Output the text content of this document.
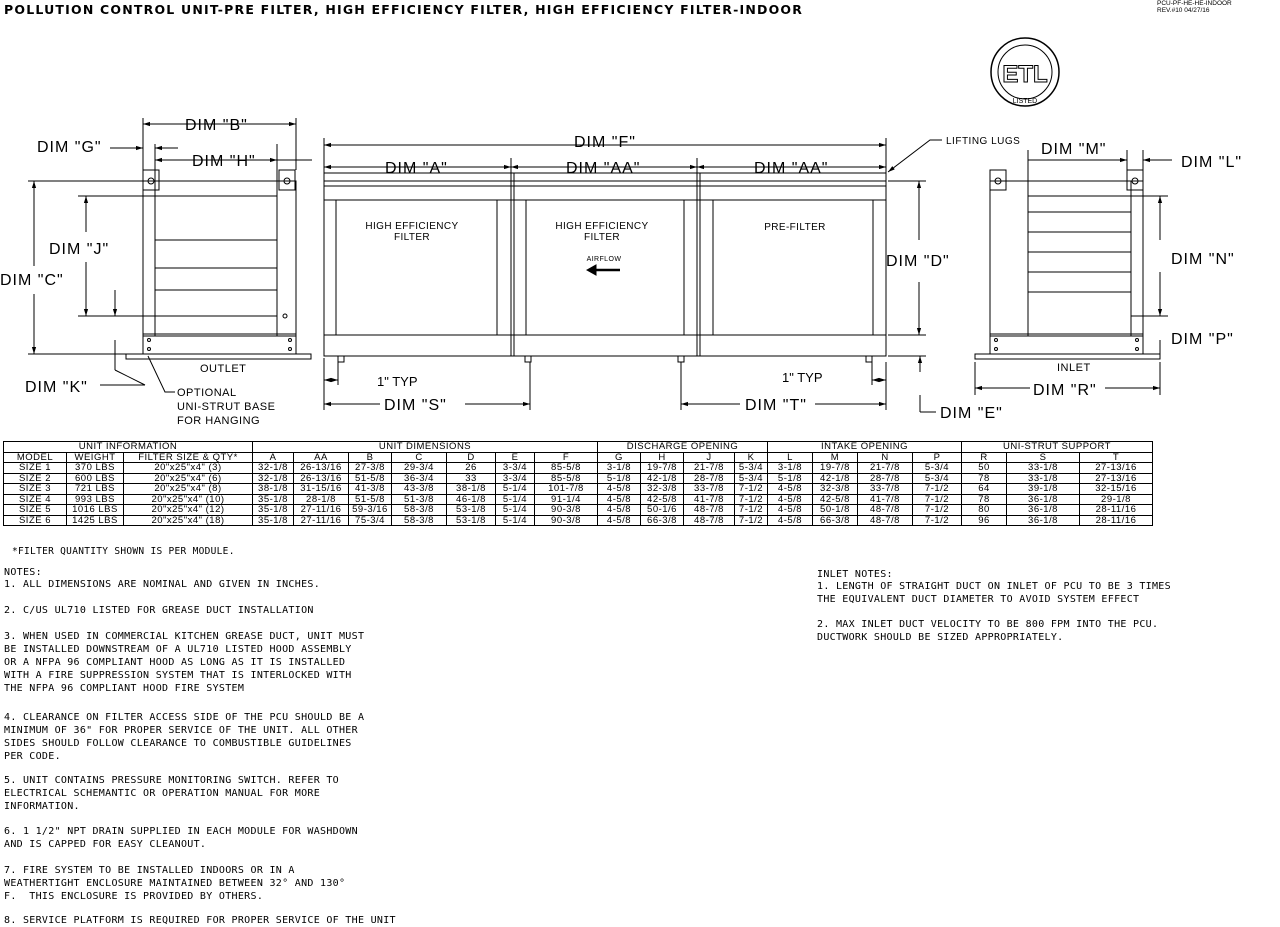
POLLUTION CONTROL UNIT-PRE FILTER, HIGH EFFICIENCY FILTER, HIGH EFFICIENCY FILTER-INDOOR	PCU-PF-HE-HE-INDOOR
REV.#10 04/27/16
DIM "B"
DIM "G"
DIM "H"
DIM "J"
DIM "C"
DIM "K"
DIM "F"
DIM "A"	DIM "AA"	DIM "AA"
DIM "D"
DIM "S"	DIM "T"	DIM "E"
DIM "M"
DIM "L"
DIM "N"
DIM "P"
DIM "R"
1" TYP	1" TYP
OUTLET	INLET
OPTIONAL
UNI-STRUT BASE
FOR HANGING
LIFTING LUGS
HIGH EFFICIENCY
FILTER
HIGH EFFICIENCY
FILTER
AIRFLOW
PRE-FILTER
ETL
LISTED
UNIT INFORMATION			UNIT DIMENSIONS							DISCHARGE OPENING				INTAKE OPENING				UNI-STRUT SUPPORT		
MODEL	WEIGHT	FILTER SIZE & QTY*	A	AA	B	C	D	E	F	G	H	J	K	L	M	N	P	R	S	T
SIZE 1	370 LBS	20"x25"x4" (3)	32-1/8	26-13/16	27-3/8	29-3/4	26	3-3/4	85-5/8	3-1/8	19-7/8	21-7/8	5-3/4	3-1/8	19-7/8	21-7/8	5-3/4	50	33-1/8	27-13/16
SIZE 2	600 LBS	20"x25"x4" (6)	32-1/8	26-13/16	51-5/8	36-3/4	33	3-3/4	85-5/8	5-1/8	42-1/8	28-7/8	5-3/4	5-1/8	42-1/8	28-7/8	5-3/4	78	33-1/8	27-13/16
SIZE 3	721 LBS	20"x25"x4" (8)	38-1/8	31-15/16	41-3/8	43-3/8	38-1/8	5-1/4	101-7/8	4-5/8	32-3/8	33-7/8	7-1/2	4-5/8	32-3/8	33-7/8	7-1/2	64	39-1/8	32-15/16
SIZE 4	993 LBS	20"x25"x4" (10)	35-1/8	28-1/8	51-5/8	51-3/8	46-1/8	5-1/4	91-1/4	4-5/8	42-5/8	41-7/8	7-1/2	4-5/8	42-5/8	41-7/8	7-1/2	78	36-1/8	29-1/8
SIZE 5	1016 LBS	20"x25"x4" (12)	35-1/8	27-11/16	59-3/16	58-3/8	53-1/8	5-1/4	90-3/8	4-5/8	50-1/6	48-7/8	7-1/2	4-5/8	50-1/8	48-7/8	7-1/2	80	36-1/8	28-11/16
SIZE 6	1425 LBS	20"x25"x4" (18)	35-1/8	27-11/16	75-3/4	58-3/8	53-1/8	5-1/4	90-3/8	4-5/8	66-3/8	48-7/8	7-1/2	4-5/8	66-3/8	48-7/8	7-1/2	96	36-1/8	28-11/16
*FILTER QUANTITY SHOWN IS PER MODULE.
NOTES:
1. ALL DIMENSIONS ARE NOMINAL AND GIVEN IN INCHES.
2. C/US UL710 LISTED FOR GREASE DUCT INSTALLATION
3. WHEN USED IN COMMERCIAL KITCHEN GREASE DUCT, UNIT MUST
BE INSTALLED DOWNSTREAM OF A UL710 LISTED HOOD ASSEMBLY
OR A NFPA 96 COMPLIANT HOOD AS LONG AS IT IS INSTALLED
WITH A FIRE SUPPRESSION SYSTEM THAT IS INTERLOCKED WITH
THE NFPA 96 COMPLIANT HOOD FIRE SYSTEM
4. CLEARANCE ON FILTER ACCESS SIDE OF THE PCU SHOULD BE A
MINIMUM OF 36" FOR PROPER SERVICE OF THE UNIT. ALL OTHER
SIDES SHOULD FOLLOW CLEARANCE TO COMBUSTIBLE GUIDELINES
PER CODE.
5. UNIT CONTAINS PRESSURE MONITORING SWITCH. REFER TO
ELECTRICAL SCHEMANTIC OR OPERATION MANUAL FOR MORE
INFORMATION.
6. 1 1/2" NPT DRAIN SUPPLIED IN EACH MODULE FOR WASHDOWN
AND IS CAPPED FOR EASY CLEANOUT.
7. FIRE SYSTEM TO BE INSTALLED INDOORS OR IN A
WEATHERTIGHT ENCLOSURE MAINTAINED BETWEEN 32° AND 130°
F.  THIS ENCLOSURE IS PROVIDED BY OTHERS.
8. SERVICE PLATFORM IS REQUIRED FOR PROPER SERVICE OF THE UNIT
INLET NOTES:
1. LENGTH OF STRAIGHT DUCT ON INLET OF PCU TO BE 3 TIMES
THE EQUIVALENT DUCT DIAMETER TO AVOID SYSTEM EFFECT
2. MAX INLET DUCT VELOCITY TO BE 800 FPM INTO THE PCU.
DUCTWORK SHOULD BE SIZED APPROPRIATELY.
